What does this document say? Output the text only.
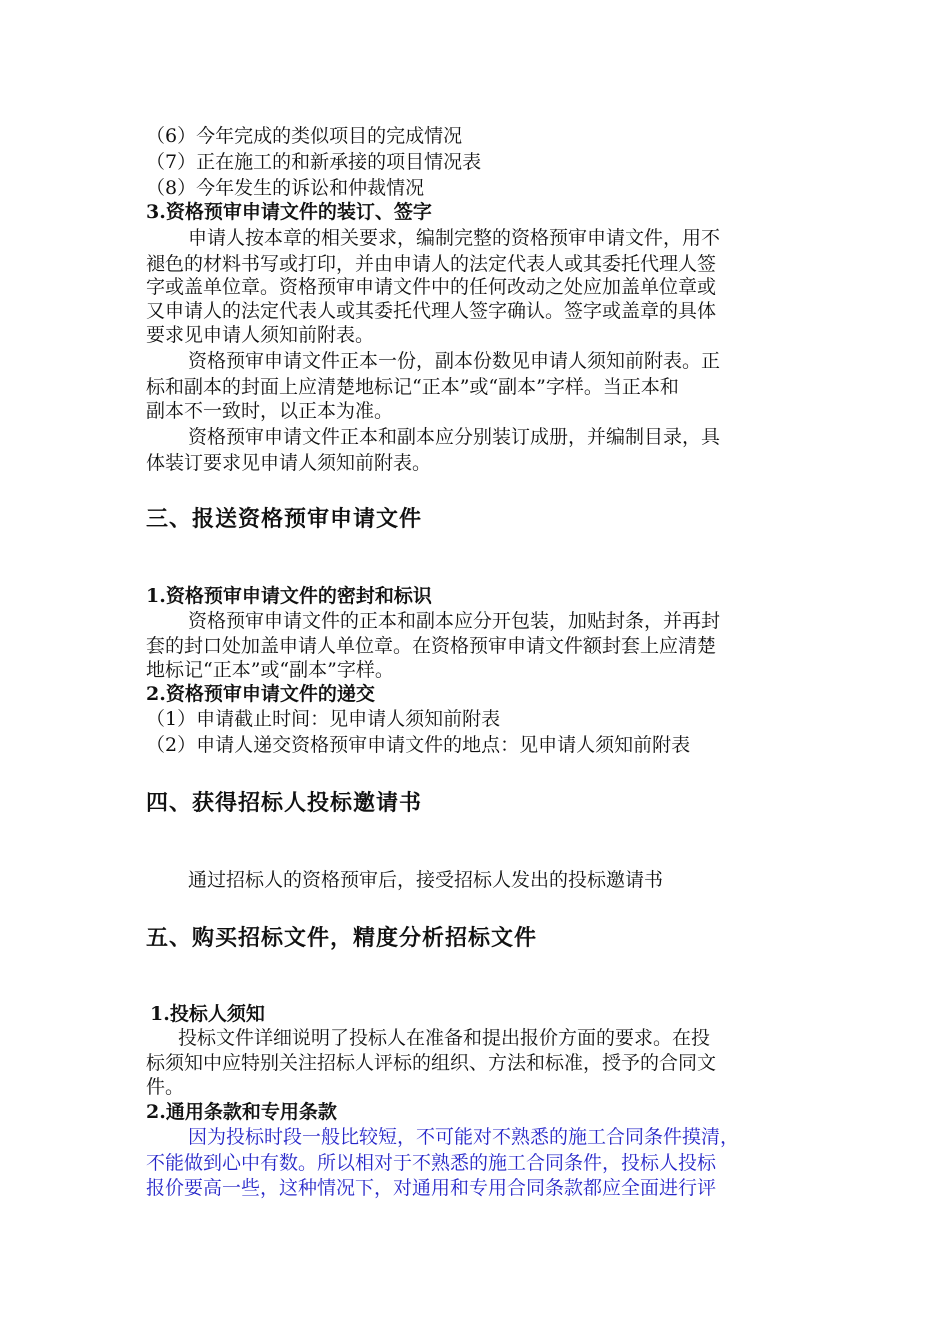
（6）今年完成的类似项目的完成情况
（7）正在施工的和新承接的项目情况表
（8）今年发生的诉讼和仲裁情况
3.资格预审申请文件的装订、签字
申请人按本章的相关要求，编制完整的资格预审申请文件，用不
褪色的材料书写或打印，并由申请人的法定代表人或其委托代理人签
字或盖单位章。资格预审申请文件中的任何改动之处应加盖单位章或
又申请人的法定代表人或其委托代理人签字确认。签字或盖章的具体
要求见申请人须知前附表。
资格预审申请文件正本一份，副本份数见申请人须知前附表。正
标和副本的封面上应清楚地标记“正本”或“副本”字样。当正本和
副本不一致时，以正本为准。
资格预审申请文件正本和副本应分别装订成册，并编制目录，具
体装订要求见申请人须知前附表。
三、报送资格预审申请文件
1.资格预审申请文件的密封和标识
资格预审申请文件的正本和副本应分开包装，加贴封条，并再封
套的封口处加盖申请人单位章。在资格预审申请文件额封套上应清楚
地标记“正本”或“副本”字样。
2.资格预审申请文件的递交
（1）申请截止时间：见申请人须知前附表
（2）申请人递交资格预审申请文件的地点：见申请人须知前附表
四、获得招标人投标邀请书
通过招标人的资格预审后，接受招标人发出的投标邀请书
五、购买招标文件，精度分析招标文件
1.投标人须知
投标文件详细说明了投标人在准备和提出报价方面的要求。在投
标须知中应特别关注招标人评标的组织、方法和标准，授予的合同文
件。
2.通用条款和专用条款
因为投标时段一般比较短，不可能对不熟悉的施工合同条件摸清，
不能做到心中有数。所以相对于不熟悉的施工合同条件，投标人投标
报价要高一些，这种情况下，对通用和专用合同条款都应全面进行评
